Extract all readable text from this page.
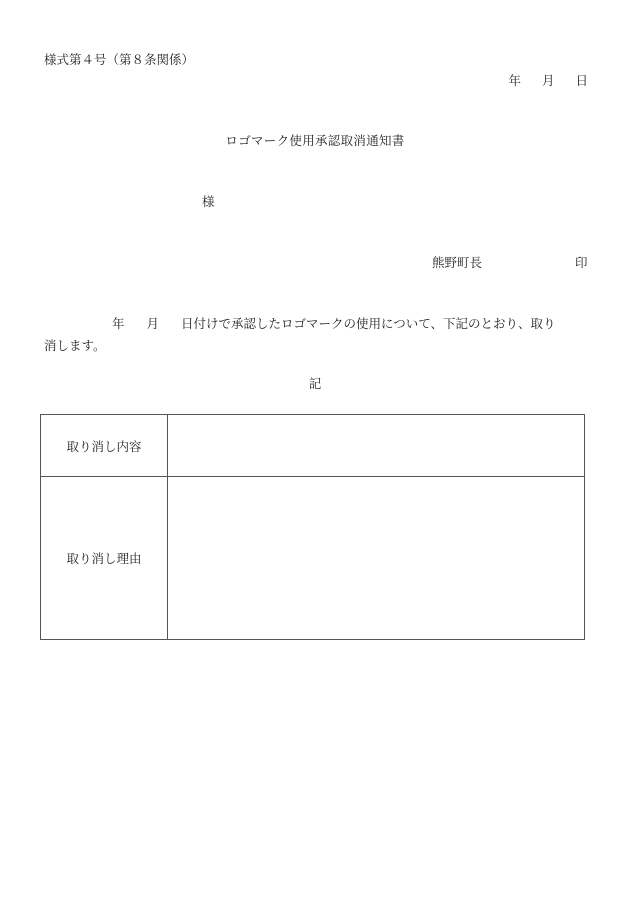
様式第４号（第８条関係）
年 月 日
ロゴマーク使用承認取消通知書
様
熊野町長	印
年 月 日付けで承認したロゴマークの使用について、下記のとおり、取り
消します。
記
取り消し内容	
取り消し理由	
